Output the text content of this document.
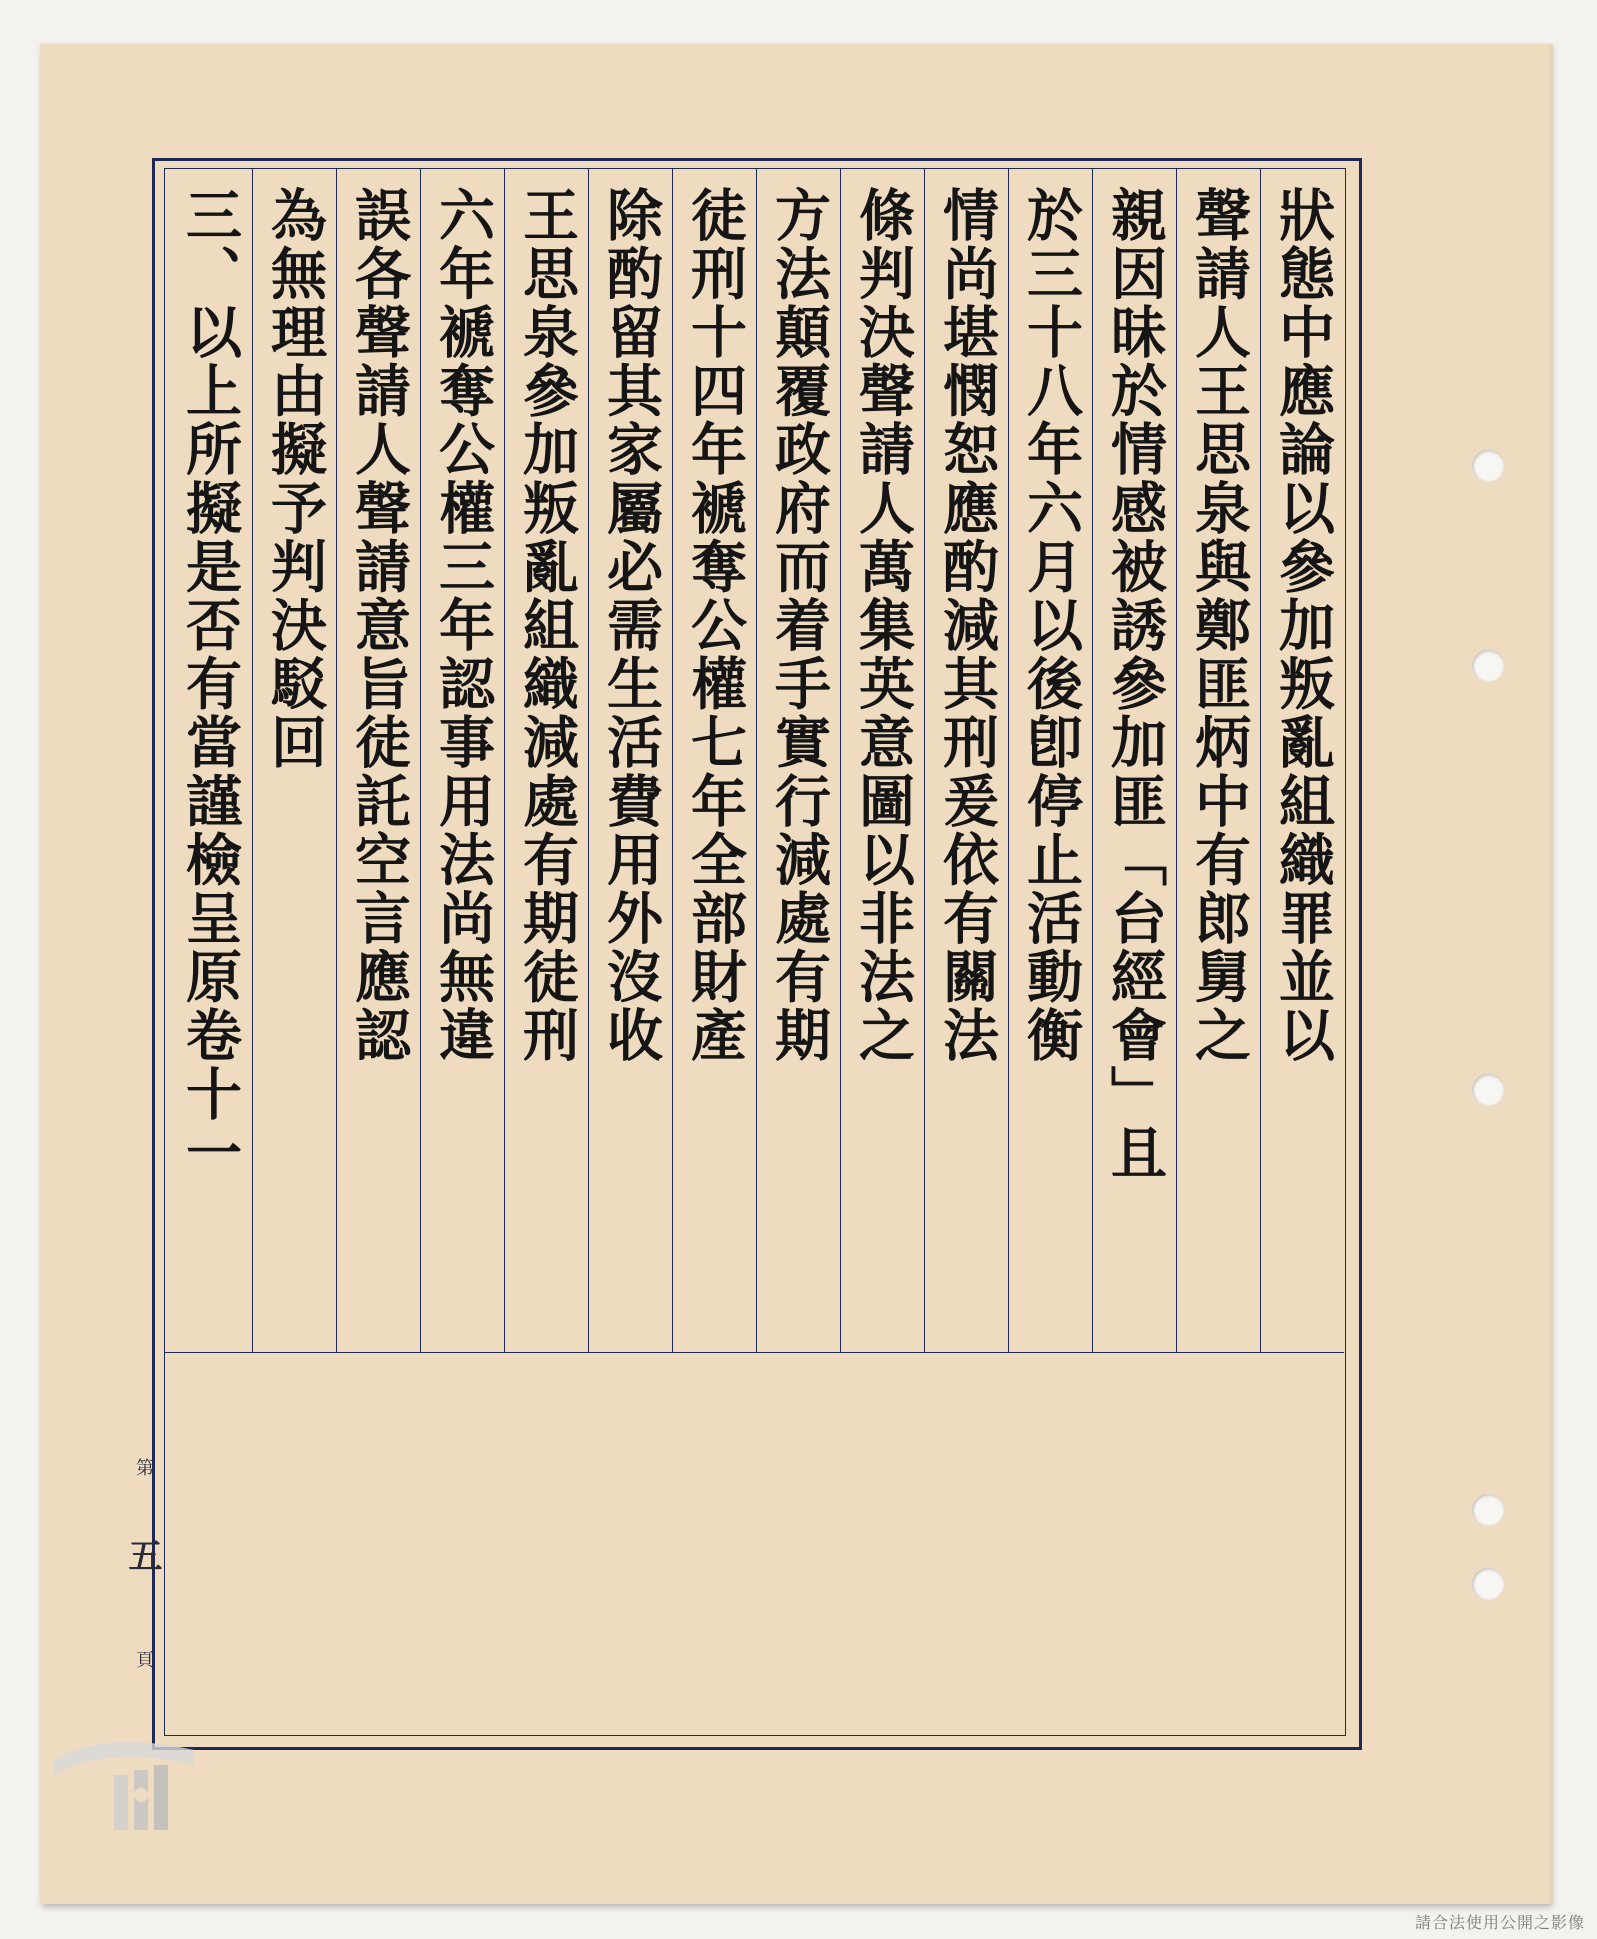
狀態中應論以參加叛亂組織罪並以
聲請人王思泉與鄭匪炳中有郎舅之
親因昧於情感被誘參加匪「台經會」且
於三十八年六月以後卽停止活動衡
情尚堪憫恕應酌減其刑爰依有關法
條判決聲請人萬集英意圖以非法之
方法顛覆政府而着手實行減處有期
徒刑十四年褫奪公權七年全部財產
除酌留其家屬必需生活費用外沒收
王思泉參加叛亂組織減處有期徒刑
六年褫奪公權三年認事用法尚無違
誤各聲請人聲請意旨徒託空言應認
為無理由擬予判決駁回
三、以上所擬是否有當謹檢呈原卷十一
第
五
頁
請合法使用公開之影像
